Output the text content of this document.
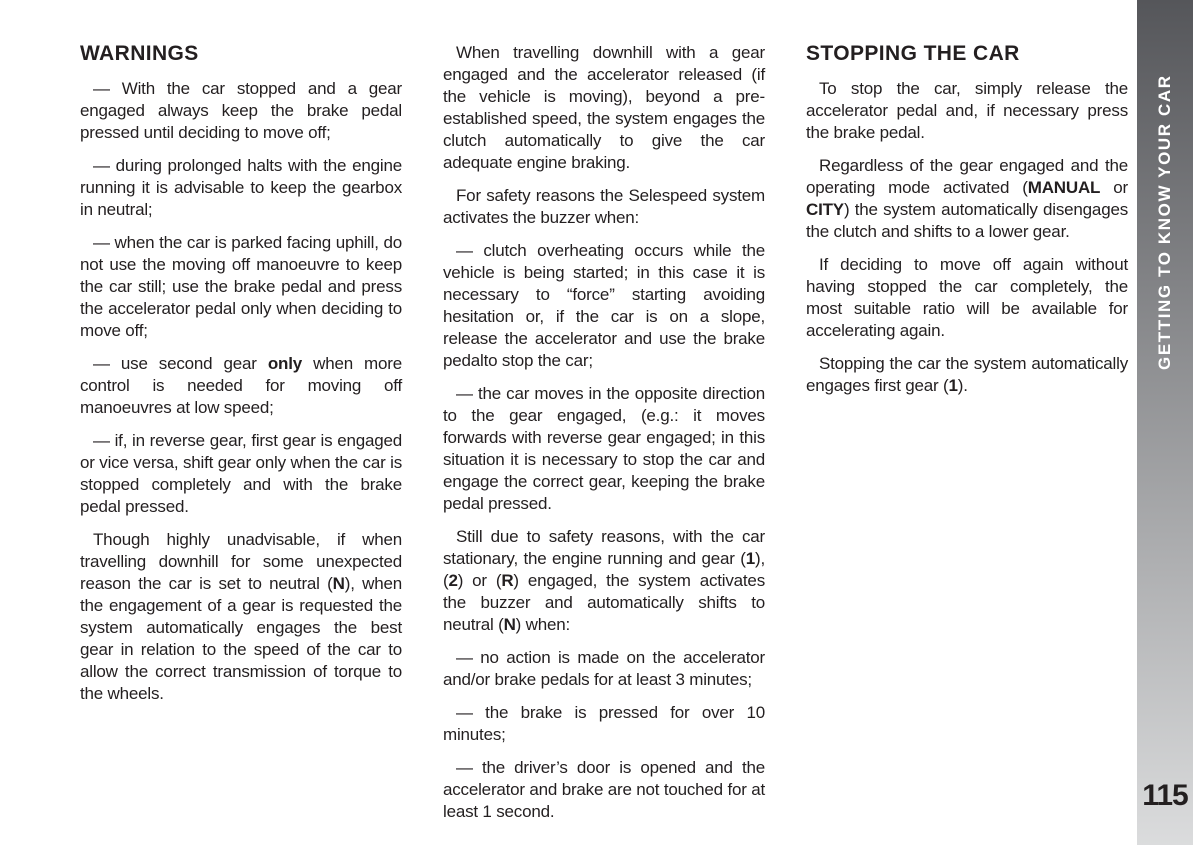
WARNINGS

— With the car stopped and a gear engaged always keep the brake pedal pressed until deciding to move off;

— during prolonged halts with the engine running it is advisable to keep the gearbox in neutral;

— when the car is parked facing uphill, do not use the moving off manoeuvre to keep the car still; use the brake pedal and press the accelerator pedal only when deciding to move off;

— use second gear only when more control is needed for moving off manoeuvres at low speed;

— if, in reverse gear, first gear is engaged or vice versa, shift gear only when the car is stopped completely and with the brake pedal pressed.

Though highly unadvisable, if when travelling downhill for some unexpected reason the car is set to neutral (N), when the engagement of a gear is requested the system automatically engages the best gear in relation to the speed of the car to allow the correct transmission of torque to the wheels.

When travelling downhill with a gear engaged and the accelerator released (if the vehicle is moving), beyond a pre-established speed, the system engages the clutch automatically to give the car adequate engine braking.

For safety reasons the Selespeed system activates the buzzer when:

— clutch overheating occurs while the vehicle is being started; in this case it is necessary to “force” starting avoiding hesitation or, if the car is on a slope, release the accelerator and use the brake pedalto stop the car;

— the car moves in the opposite direction to the gear engaged, (e.g.: it moves forwards with reverse gear engaged; in this situation it is necessary to stop the car and engage the correct gear, keeping the brake pedal pressed.

Still due to safety reasons, with the car stationary, the engine running and gear (1), (2) or (R) engaged, the system activates the buzzer and automatically shifts to neutral (N) when:

— no action is made on the accelerator and/or brake pedals for at least 3 minutes;

— the brake is pressed for over 10 minutes;

— the driver’s door is opened and the accelerator and brake are not touched for at least 1 second.

STOPPING THE CAR

To stop the car, simply release the accelerator pedal and, if necessary press the brake pedal.

Regardless of the gear engaged and the operating mode activated (MANUAL or CITY) the system automatically disengages the clutch and shifts to a lower gear.

If deciding to move off again without having stopped the car completely, the most suitable ratio will be available for accelerating again.

Stopping the car the system automatically engages first gear (1).

GETTING TO KNOW YOUR CAR
115
